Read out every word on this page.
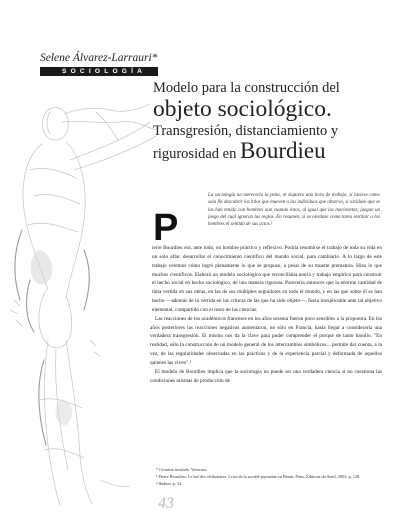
Selene Álvarez-Larrauri*
SOCIOLOGÍA
Modelo para la construcción del
objeto sociológico.
Transgresión, distanciamiento y
rigurosidad en Bourdieu

La sociología no merecería la pena, ni siquiera una hora de trabajo, si tuviese como sola fin descubrir los hilos que mueven a los individuos que observa, si olvidase que se las han tenido con hombres aun cuando éstos, al igual que las marionetas, juegan un juego del cual ignoran las reglas. En resumen, si se olvidase como tarea restituir a los hombres el sentido de sus actos.¹

P

ierre Bourdieu era, ante todo, un hombre práctico y reflexivo. Podría resumirse el trabajo de toda su vida en un solo afán: desarrollar el conocimiento científico del mundo social, para cambiarlo. A lo largo de este trabajo veremos cómo logró plenamente lo que se propuso, a pesar de su muerte prematura. Hizo lo que muchos científicos. Elaboró un modelo sociológico que reconciliaba teoría y trabajo empírico para construir el hecho social en hecho sociológico, de una manera rigurosa. Parecería entonces que la enorme cantidad de tinta vertida en sus obras, en las de sus múltiples seguidores en todo el mundo, y en las que sobre él se han hecho —además de la vertida en las críticas de las que ha sido objeto—, fuera inexplicable ante tal objetivo elemental, compartido con el resto de las ciencias.

Las reacciones de los académicos franceses en los años sesenta fueron poco sensibles a la propuesta. En los años posteriores las reacciones negativas aumentaron, no sólo en Francia, hasta llegar a considerarla una verdadera transgresión. El mismo nos da la clave para poder comprender el porqué de tanto barullo. "En realidad, sólo la construcción de un modelo general de los intercambios simbólicos... permite dar cuenta, a la vez, de las regularidades observadas en las prácticas y de la experiencia parcial y deformada de aquellos quienes las viven".²

El modelo de Bourdieu implica que la sociología no puede ser una verdadera ciencia si no cuestiona las condiciones mismas de producción de

* Cronista invitado. Veracruz.

¹ Pierre Bourdieu, Le bal des célibataires. Crise de la société paysanne en Béarn, Paris, Éditions du Seuil, 2002, p. 128.

² Ibidem, p. 13.

43
